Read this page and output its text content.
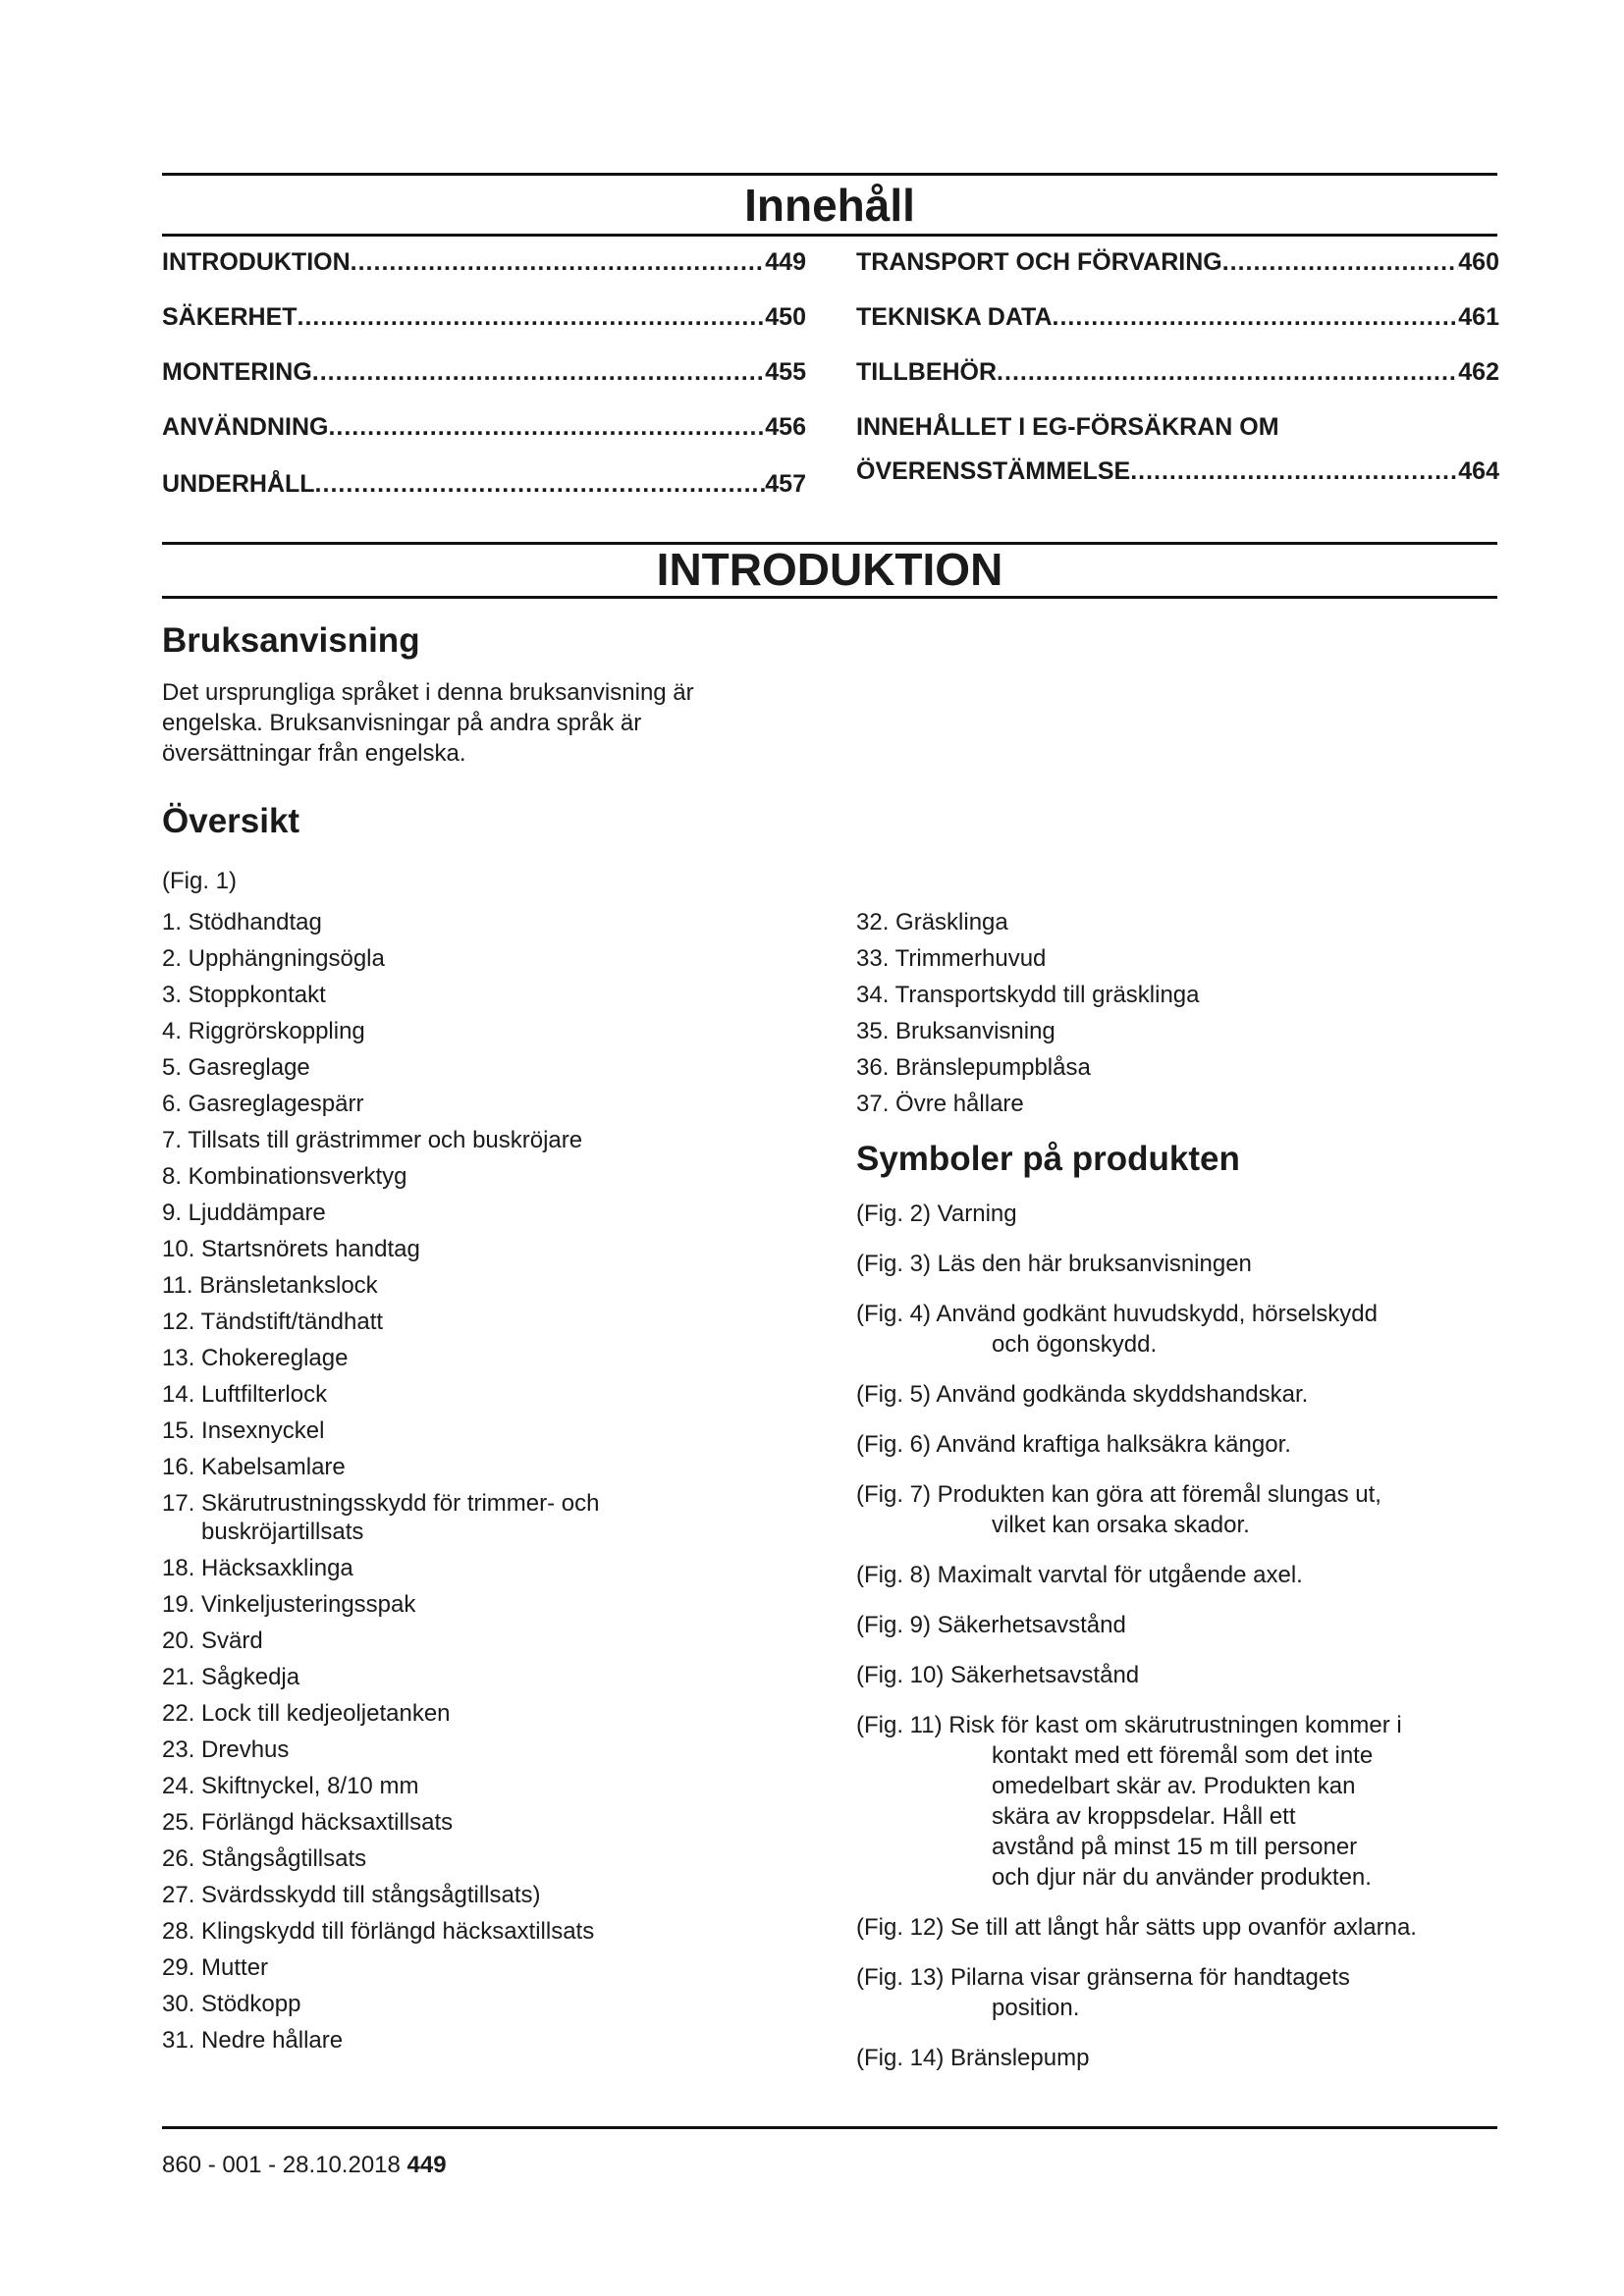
Innehåll
INTRODUKTION .....	449
SÄKERHET .....	450
MONTERING .....	455
ANVÄNDNING .....	456
UNDERHÅLL .....	457
TRANSPORT OCH FÖRVARING .....	460
TEKNISKA DATA .....	461
TILLBEHÖR .....	462
INNEHÅLLET I EG-FÖRSÄKRAN OM
ÖVERENSSTÄMMELSE .....	464
INTRODUKTION
Bruksanvisning

Det ursprungliga språket i denna bruksanvisning är engelska. Bruksanvisningar på andra språk är översättningar från engelska.

Översikt

(Fig. 1)

1. Stödhandtag
2. Upphängningsögla
3. Stoppkontakt
4. Riggrörskoppling
5. Gasreglage
6. Gasreglagespärr
7. Tillsats till grästrimmer och buskröjare
8. Kombinationsverktyg
9. Ljuddämpare
10. Startsnörets handtag
11. Bränsletankslock
12. Tändstift/tändhatt
13. Chokereglage
14. Luftfilterlock
15. Insexnyckel
16. Kabelsamlare
17. Skärutrustningsskydd för trimmer- och buskröjartillsats
18. Häcksaxklinga
19. Vinkeljusteringsspak
20. Svärd
21. Sågkedja
22. Lock till kedjeoljetanken
23. Drevhus
24. Skiftnyckel, 8/10 mm
25. Förlängd häcksaxtillsats
26. Stångsågtillsats
27. Svärdsskydd till stångsågtillsats)
28. Klingskydd till förlängd häcksaxtillsats
29. Mutter
30. Stödkopp
31. Nedre hållare
32. Gräsklinga
33. Trimmerhuvud
34. Transportskydd till gräsklinga
35. Bruksanvisning
36. Bränslepumpblåsa
37. Övre hållare
Symboler på produkten
(Fig. 2) Varning
(Fig. 3) Läs den här bruksanvisningen
(Fig. 4) Använd godkänt huvudskydd, hörselskydd
och ögonskydd.
(Fig. 5) Använd godkända skyddshandskar.
(Fig. 6) Använd kraftiga halksäkra kängor.
(Fig. 7) Produkten kan göra att föremål slungas ut,
vilket kan orsaka skador.
(Fig. 8) Maximalt varvtal för utgående axel.
(Fig. 9) Säkerhetsavstånd
(Fig. 10) Säkerhetsavstånd
(Fig. 11) Risk för kast om skärutrustningen kommer i
kontakt med ett föremål som det inte omedelbart skär av. Produkten kan skära av kroppsdelar. Håll ett avstånd på minst 15 m till personer och djur när du använder produkten.
(Fig. 12) Se till att långt hår sätts upp ovanför axlarna.
(Fig. 13) Pilarna visar gränserna för handtagets
position.
(Fig. 14) Bränslepump
860 - 001 - 28.10.2018 449
